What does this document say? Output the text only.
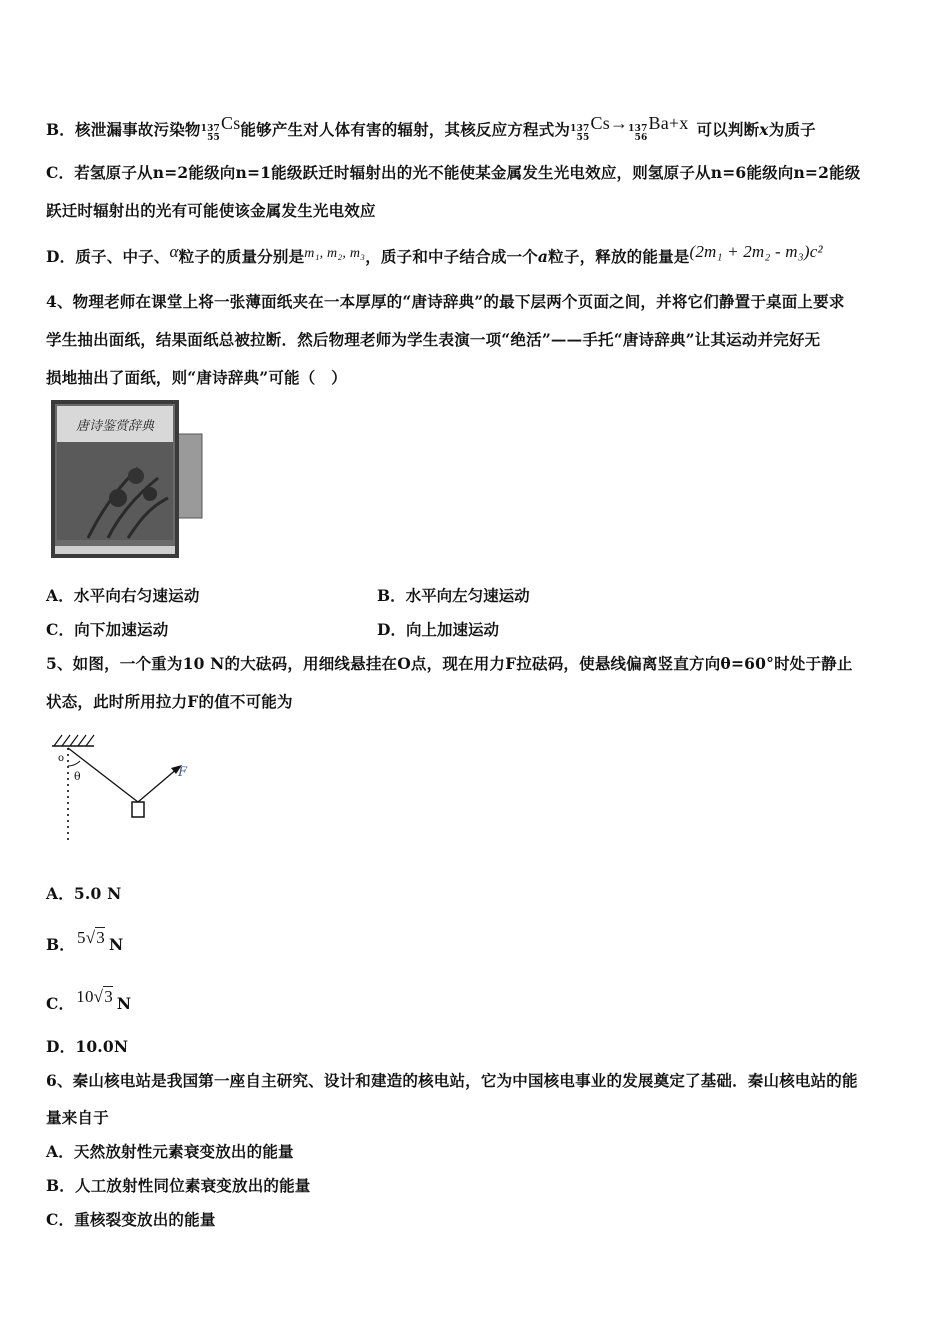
B．核泄漏事故污染物 137
55
Cs能够产生对人体有害的辐射，其核反应方程式为 137
55
Cs→ 137
56
Ba+x 可以判断x为质子
C．若氢原子从n=2能级向n=1能级跃迁时辐射出的光不能使某金属发生光电效应，则氢原子从n=6能级向n=2能级
跃迁时辐射出的光有可能使该金属发生光电效应
D．质子、中子、α粒子的质量分别是m₁, m₂, m₃，质子和中子结合成一个a粒子，释放的能量是(2m₁ + 2m₂ - m₃)c²
4、物理老师在课堂上将一张薄面纸夹在一本厚厚的“唐诗辞典”的最下层两个页面之间，并将它们静置于桌面上要求
学生抽出面纸，结果面纸总被拉断．然后物理老师为学生表演一项“绝活”——手托“唐诗辞典”让其运动并完好无
损地抽出了面纸，则“唐诗辞典”可能（　）
唐诗鉴赏辞典
A．水平向右匀速运动	B．水平向左匀速运动
C．向下加速运动	D．向上加速运动
5、如图，一个重为10 N的大砝码，用细线悬挂在O点，现在用力F拉砝码，使悬线偏离竖直方向θ=60°时处于静止
状态，此时所用拉力F的值不可能为
o
θ	F
A．5.0 N
B． 5√3 N
C． 10√3 N
D．10.0N
6、秦山核电站是我国第一座自主研究、设计和建造的核电站，它为中国核电事业的发展奠定了基础．秦山核电站的能
量来自于
A．天然放射性元素衰变放出的能量
B．人工放射性同位素衰变放出的能量
C．重核裂变放出的能量
